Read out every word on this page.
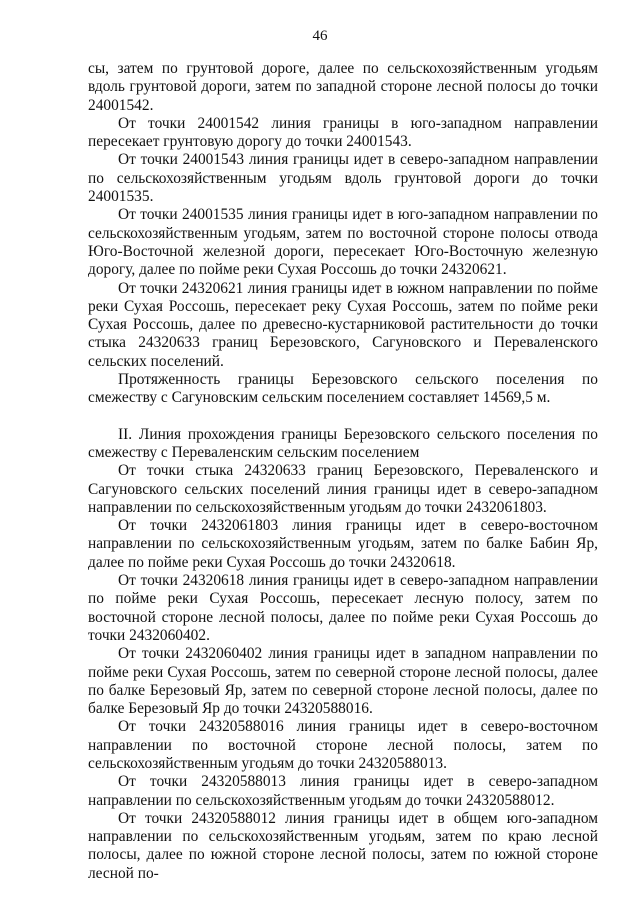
46

сы, затем по грунтовой дороге, далее по сельскохозяйственным угодьям вдоль грунтовой дороги, затем по западной стороне лесной полосы до точки 24001542.

От точки 24001542 линия границы в юго-западном направлении пересекает грунтовую дорогу до точки 24001543.

От точки 24001543 линия границы идет в северо-западном направлении по сельскохозяйственным угодьям вдоль грунтовой дороги до точки 24001535.

От точки 24001535 линия границы идет в юго-западном направлении по сельскохозяйственным угодьям, затем по восточной стороне полосы отвода Юго-Восточной железной дороги, пересекает Юго-Восточную железную дорогу, далее по пойме реки Сухая Россошь до точки 24320621.

От точки 24320621 линия границы идет в южном направлении по пойме реки Сухая Россошь, пересекает реку Сухая Россошь, затем по пойме реки Сухая Россошь, далее по древесно-кустарниковой растительности до точки стыка 24320633 границ Березовского, Сагуновского и Переваленского сельских поселений.

Протяженность границы Березовского сельского поселения по смежеству с Сагуновским сельским поселением составляет 14569,5 м.

II. Линия прохождения границы Березовского сельского поселения по смежеству с Переваленским сельским поселением

От точки стыка 24320633 границ Березовского, Переваленского и Сагуновского сельских поселений линия границы идет в северо-западном направлении по сельскохозяйственным угодьям до точки 2432061803.

От точки 2432061803 линия границы идет в северо-восточном направлении по сельскохозяйственным угодьям, затем по балке Бабин Яр, далее по пойме реки Сухая Россошь до точки 24320618.

От точки 24320618 линия границы идет в северо-западном направлении по пойме реки Сухая Россошь, пересекает лесную полосу, затем по восточной стороне лесной полосы, далее по пойме реки Сухая Россошь до точки 2432060402.

От точки 2432060402 линия границы идет в западном направлении по пойме реки Сухая Россошь, затем по северной стороне лесной полосы, далее по балке Березовый Яр, затем по северной стороне лесной полосы, далее по балке Березовый Яр до точки 24320588016.

От точки 24320588016 линия границы идет в северо-восточном направлении по восточной стороне лесной полосы, затем по сельскохозяйственным угодьям до точки 24320588013.

От точки 24320588013 линия границы идет в северо-западном направлении по сельскохозяйственным угодьям до точки 24320588012.

От точки 24320588012 линия границы идет в общем юго-западном направлении по сельскохозяйственным угодьям, затем по краю лесной полосы, далее по южной стороне лесной полосы, затем по южной стороне лесной по-
